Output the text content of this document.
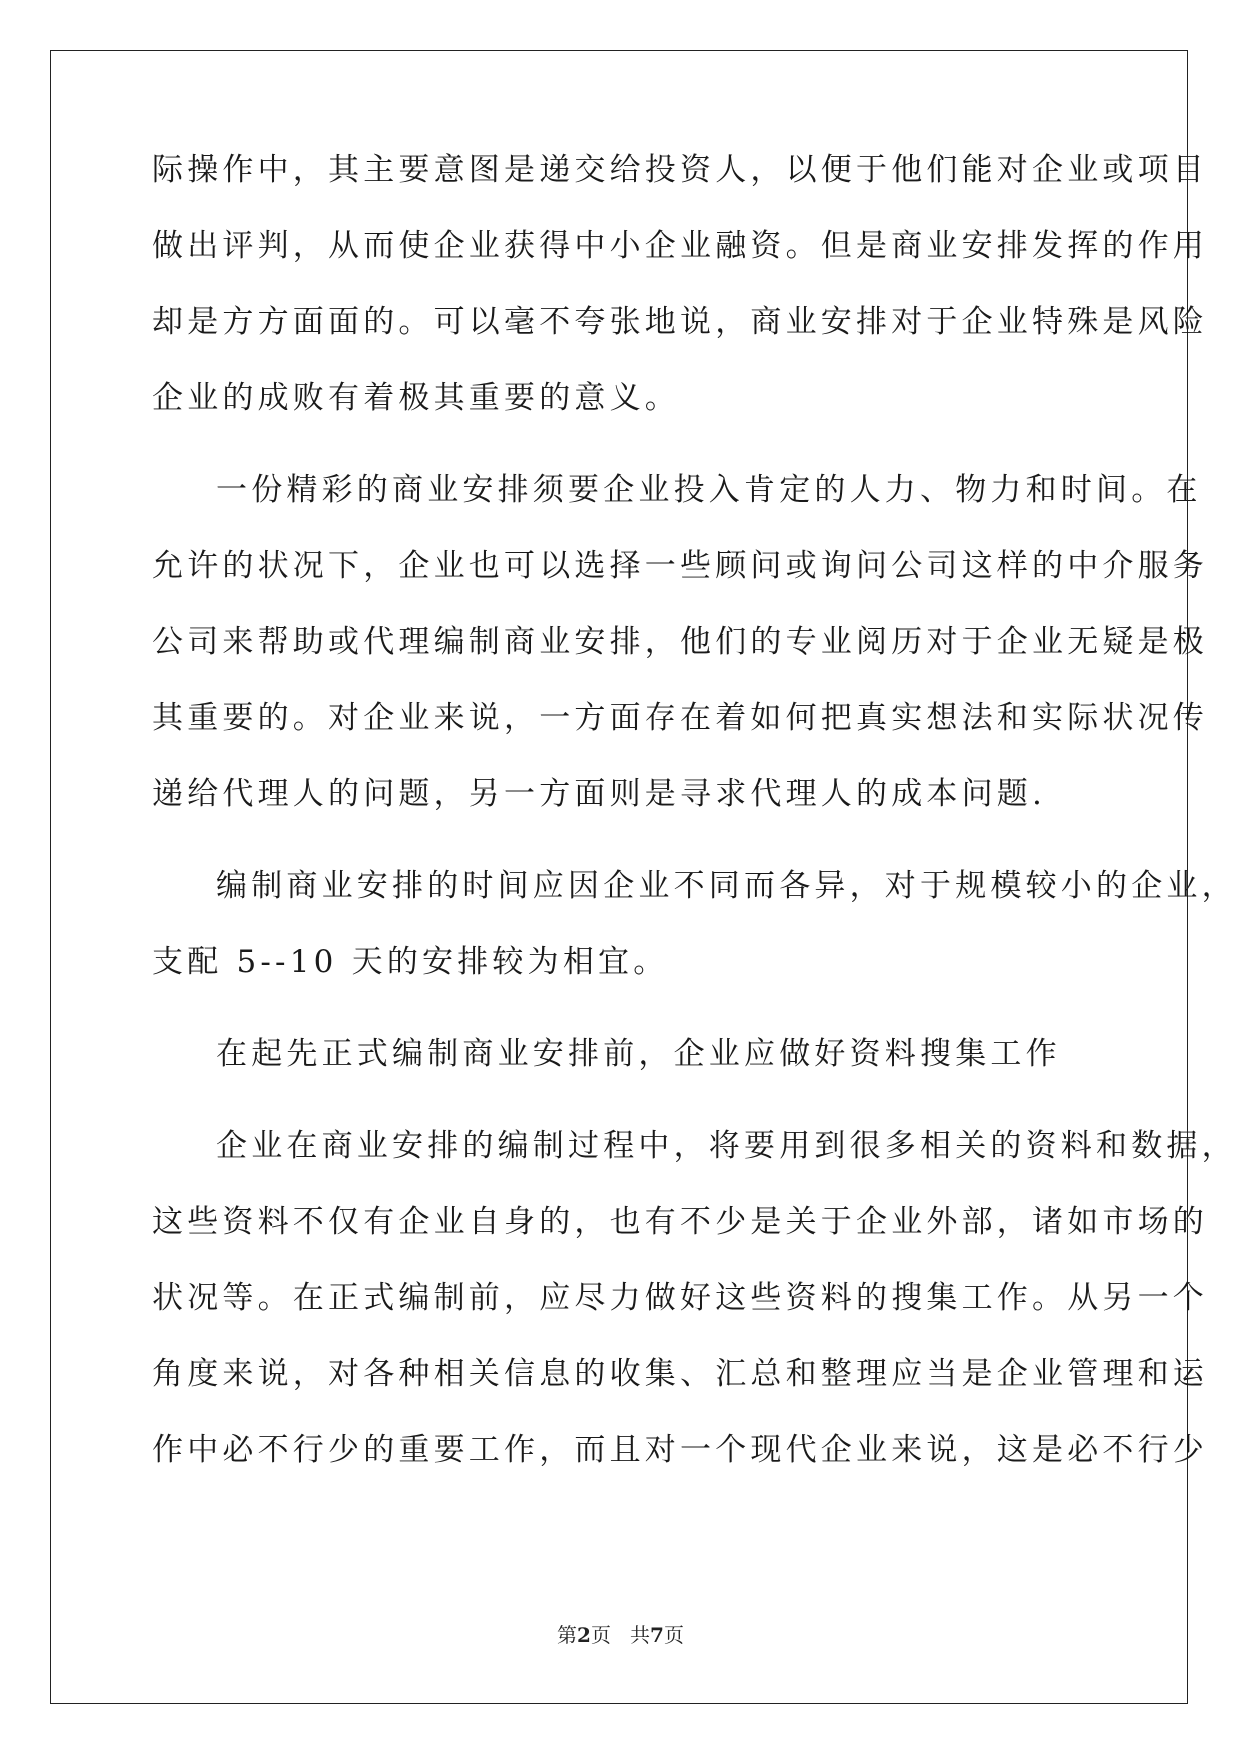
际操作中，其主要意图是递交给投资人，以便于他们能对企业或项目
做出评判，从而使企业获得中小企业融资。但是商业安排发挥的作用
却是方方面面的。可以毫不夸张地说，商业安排对于企业特殊是风险
企业的成败有着极其重要的意义。
一份精彩的商业安排须要企业投入肯定的人力、物力和时间。在
允许的状况下，企业也可以选择一些顾问或询问公司这样的中介服务
公司来帮助或代理编制商业安排，他们的专业阅历对于企业无疑是极
其重要的。对企业来说，一方面存在着如何把真实想法和实际状况传
递给代理人的问题，另一方面则是寻求代理人的成本问题.
编制商业安排的时间应因企业不同而各异，对于规模较小的企业，
支配 5--10 天的安排较为相宜。
在起先正式编制商业安排前，企业应做好资料搜集工作
企业在商业安排的编制过程中，将要用到很多相关的资料和数据，
这些资料不仅有企业自身的，也有不少是关于企业外部，诸如市场的
状况等。在正式编制前，应尽力做好这些资料的搜集工作。从另一个
角度来说，对各种相关信息的收集、汇总和整理应当是企业管理和运
作中必不行少的重要工作，而且对一个现代企业来说，这是必不行少
第2页 共7页
